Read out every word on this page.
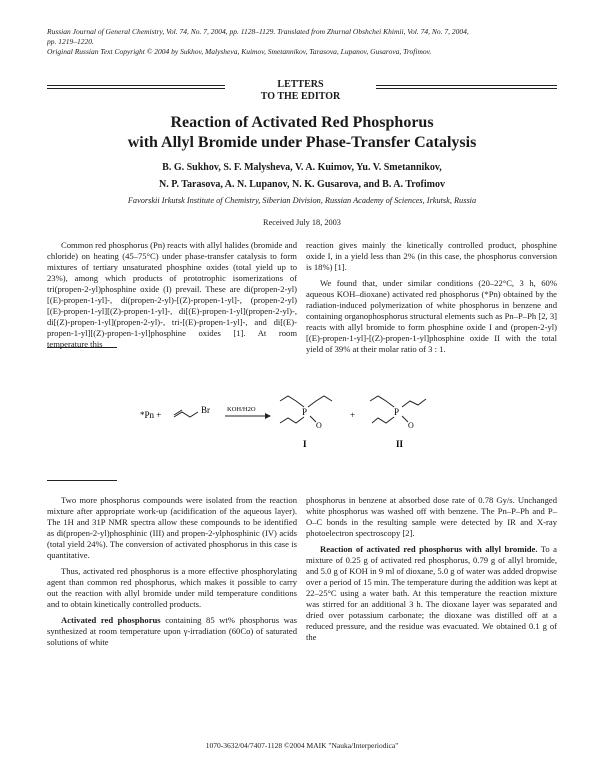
Russian Journal of General Chemistry, Vol. 74, No. 7, 2004, pp. 1128–1129. Translated from Zhurnal Obshchei Khimii, Vol. 74, No. 7, 2004,
pp. 1219–1220.
Original Russian Text Copyright © 2004 by Sukhov, Malysheva, Kuimov, Smetannikov, Tarasova, Lupanov, Gusarova, Trofimov.
LETTERS
TO THE EDITOR
Reaction of Activated Red Phosphorus
with Allyl Bromide under Phase-Transfer Catalysis
B. G. Sukhov, S. F. Malysheva, V. A. Kuimov, Yu. V. Smetannikov,
N. P. Tarasova, A. N. Lupanov, N. K. Gusarova, and B. A. Trofimov
Favorskii Irkutsk Institute of Chemistry, Siberian Division, Russian Academy of Sciences, Irkutsk, Russia
Received July 18, 2003

Common red phosphorus (Pn) reacts with allyl halides (bromide and chloride) on heating (45–75°C) under phase-transfer catalysis to form mixtures of tertiary unsaturated phosphine oxides (total yield up to 23%), among which products of prototrophic isomerizations of tri(propen-2-yl)phosphine oxide (I) prevail. These are di(propen-2-yl)[(E)-propen-1-yl]-, di(propen-2-yl)-[(Z)-propen-1-yl]-, (propen-2-yl)[(E)-propen-1-yl][(Z)-propen-1-yl]-, di[(E)-propen-1-yl](propen-2-yl)-, di[(Z)-propen-1-yl](propen-2-yl)-, tri-[(E)-propen-1-yl]-, and di[(E)-propen-1-yl][(Z)-propen-1-yl]phosphine oxides [1]. At room temperature this

reaction gives mainly the kinetically controlled product, phosphine oxide I, in a yield less than 2% (in this case, the phosphorus conversion is 18%) [1].

We found that, under similar conditions (20–22°C, 3 h, 60% aqueous KOH–dioxane) activated red phosphorus (*Pn) obtained by the radiation-induced polymerization of white phosphorus in benzene and containing organophosphorus structural elements such as Pn–P–Ph [2, 3] reacts with allyl bromide to form phosphine oxide I and (propen-2-yl)[(E)-propen-1-yl]-[(Z)-propen-1-yl]phosphine oxide II with the total yield of 39% at their molar ratio of 3 : 1.

*Pn +	Br	KOH/H2O	P
O
I
+	P
O
II

Two more phosphorus compounds were isolated from the reaction mixture after appropriate work-up (acidification of the aqueous layer). The 1H and 31P NMR spectra allow these compounds to be identified as di(propen-2-yl)phosphinic (III) and propen-2-ylphosphinic (IV) acids (total yield 24%). The conversion of activated phosphorus in this case is quantitative.

Thus, activated red phosphorus is a more effective phosphorylating agent than common red phosphorus, which makes it possible to carry out the reaction with allyl bromide under mild temperature conditions and to obtain kinetically controlled products.

Activated red phosphorus containing 85 wt% phosphorus was synthesized at room temperature upon γ-irradiation (60Co) of saturated solutions of white

phosphorus in benzene at absorbed dose rate of 0.78 Gy/s. Unchanged white phosphorus was washed off with benzene. The Pn–P–Ph and P–O–C bonds in the resulting sample were detected by IR and X-ray photoelectron spectroscopy [2].

Reaction of activated red phosphorus with allyl bromide. To a mixture of 0.25 g of activated red phosphorus, 0.79 g of allyl bromide, and 5.0 g of KOH in 9 ml of dioxane, 5.0 g of water was added dropwise over a period of 15 min. The temperature during the addition was kept at 22–25°C using a water bath. At this temperature the reaction mixture was stirred for an additional 3 h. The dioxane layer was separated and dried over potassium carbonate; the dioxane was distilled off at a reduced pressure, and the residue was evacuated. We obtained 0.1 g of the

1070-3632/04/7407-1128 ©2004 MAIK "Nauka/Interperiodica"
